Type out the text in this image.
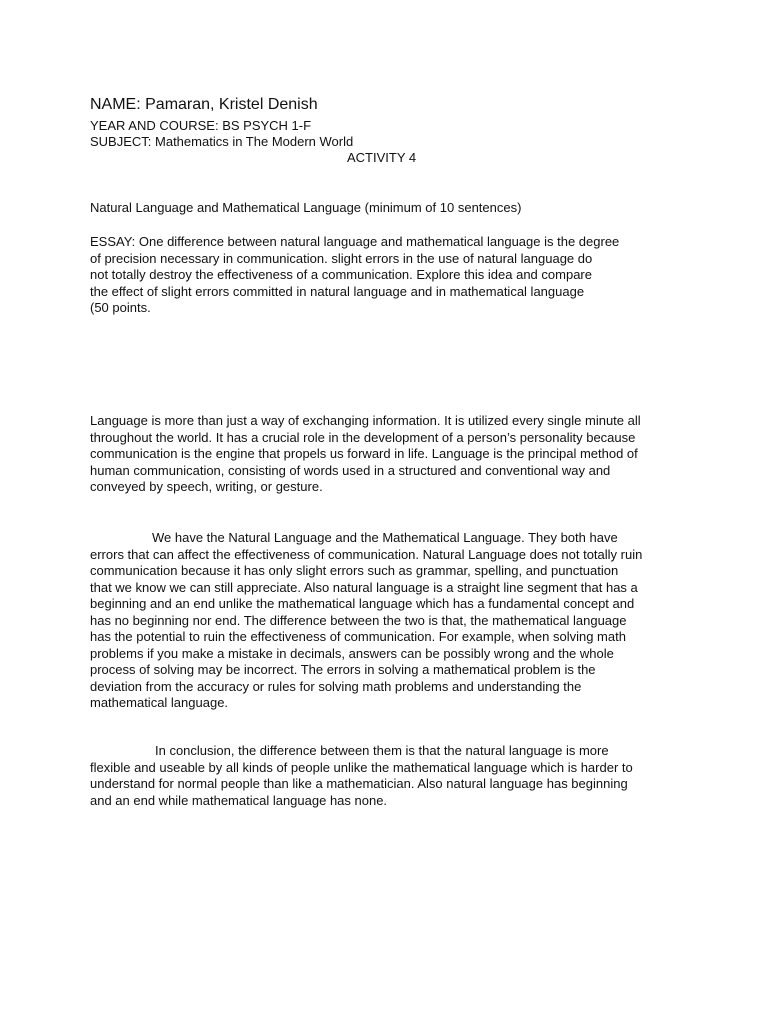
NAME: Pamaran, Kristel Denish
YEAR AND COURSE: BS PSYCH 1-F
SUBJECT: Mathematics in The Modern World
ACTIVITY 4
Natural Language and Mathematical Language (minimum of 10 sentences)
ESSAY: One difference between natural language and mathematical language is the degree
of precision necessary in communication. slight errors in the use of natural language do
not totally destroy the effectiveness of a communication. Explore this idea and compare
the effect of slight errors committed in natural language and in mathematical language
(50 points.

Language is more than just a way of exchanging information. It is utilized every single minute all
throughout the world. It has a crucial role in the development of a person’s personality because
communication is the engine that propels us forward in life. Language is the principal method of
human communication, consisting of words used in a structured and conventional way and
conveyed by speech, writing, or gesture.

We have the Natural Language and the Mathematical Language. They both have
errors that can affect the effectiveness of communication. Natural Language does not totally ruin
communication because it has only slight errors such as grammar, spelling, and punctuation
that we know we can still appreciate. Also natural language is a straight line segment that has a
beginning and an end unlike the mathematical language which has a fundamental concept and
has no beginning nor end. The difference between the two is that, the mathematical language
has the potential to ruin the effectiveness of communication. For example, when solving math
problems if you make a mistake in decimals, answers can be possibly wrong and the whole
process of solving may be incorrect. The errors in solving a mathematical problem is the
deviation from the accuracy or rules for solving math problems and understanding the
mathematical language.

In conclusion, the difference between them is that the natural language is more
flexible and useable by all kinds of people unlike the mathematical language which is harder to
understand for normal people than like a mathematician. Also natural language has beginning
and an end while mathematical language has none.
